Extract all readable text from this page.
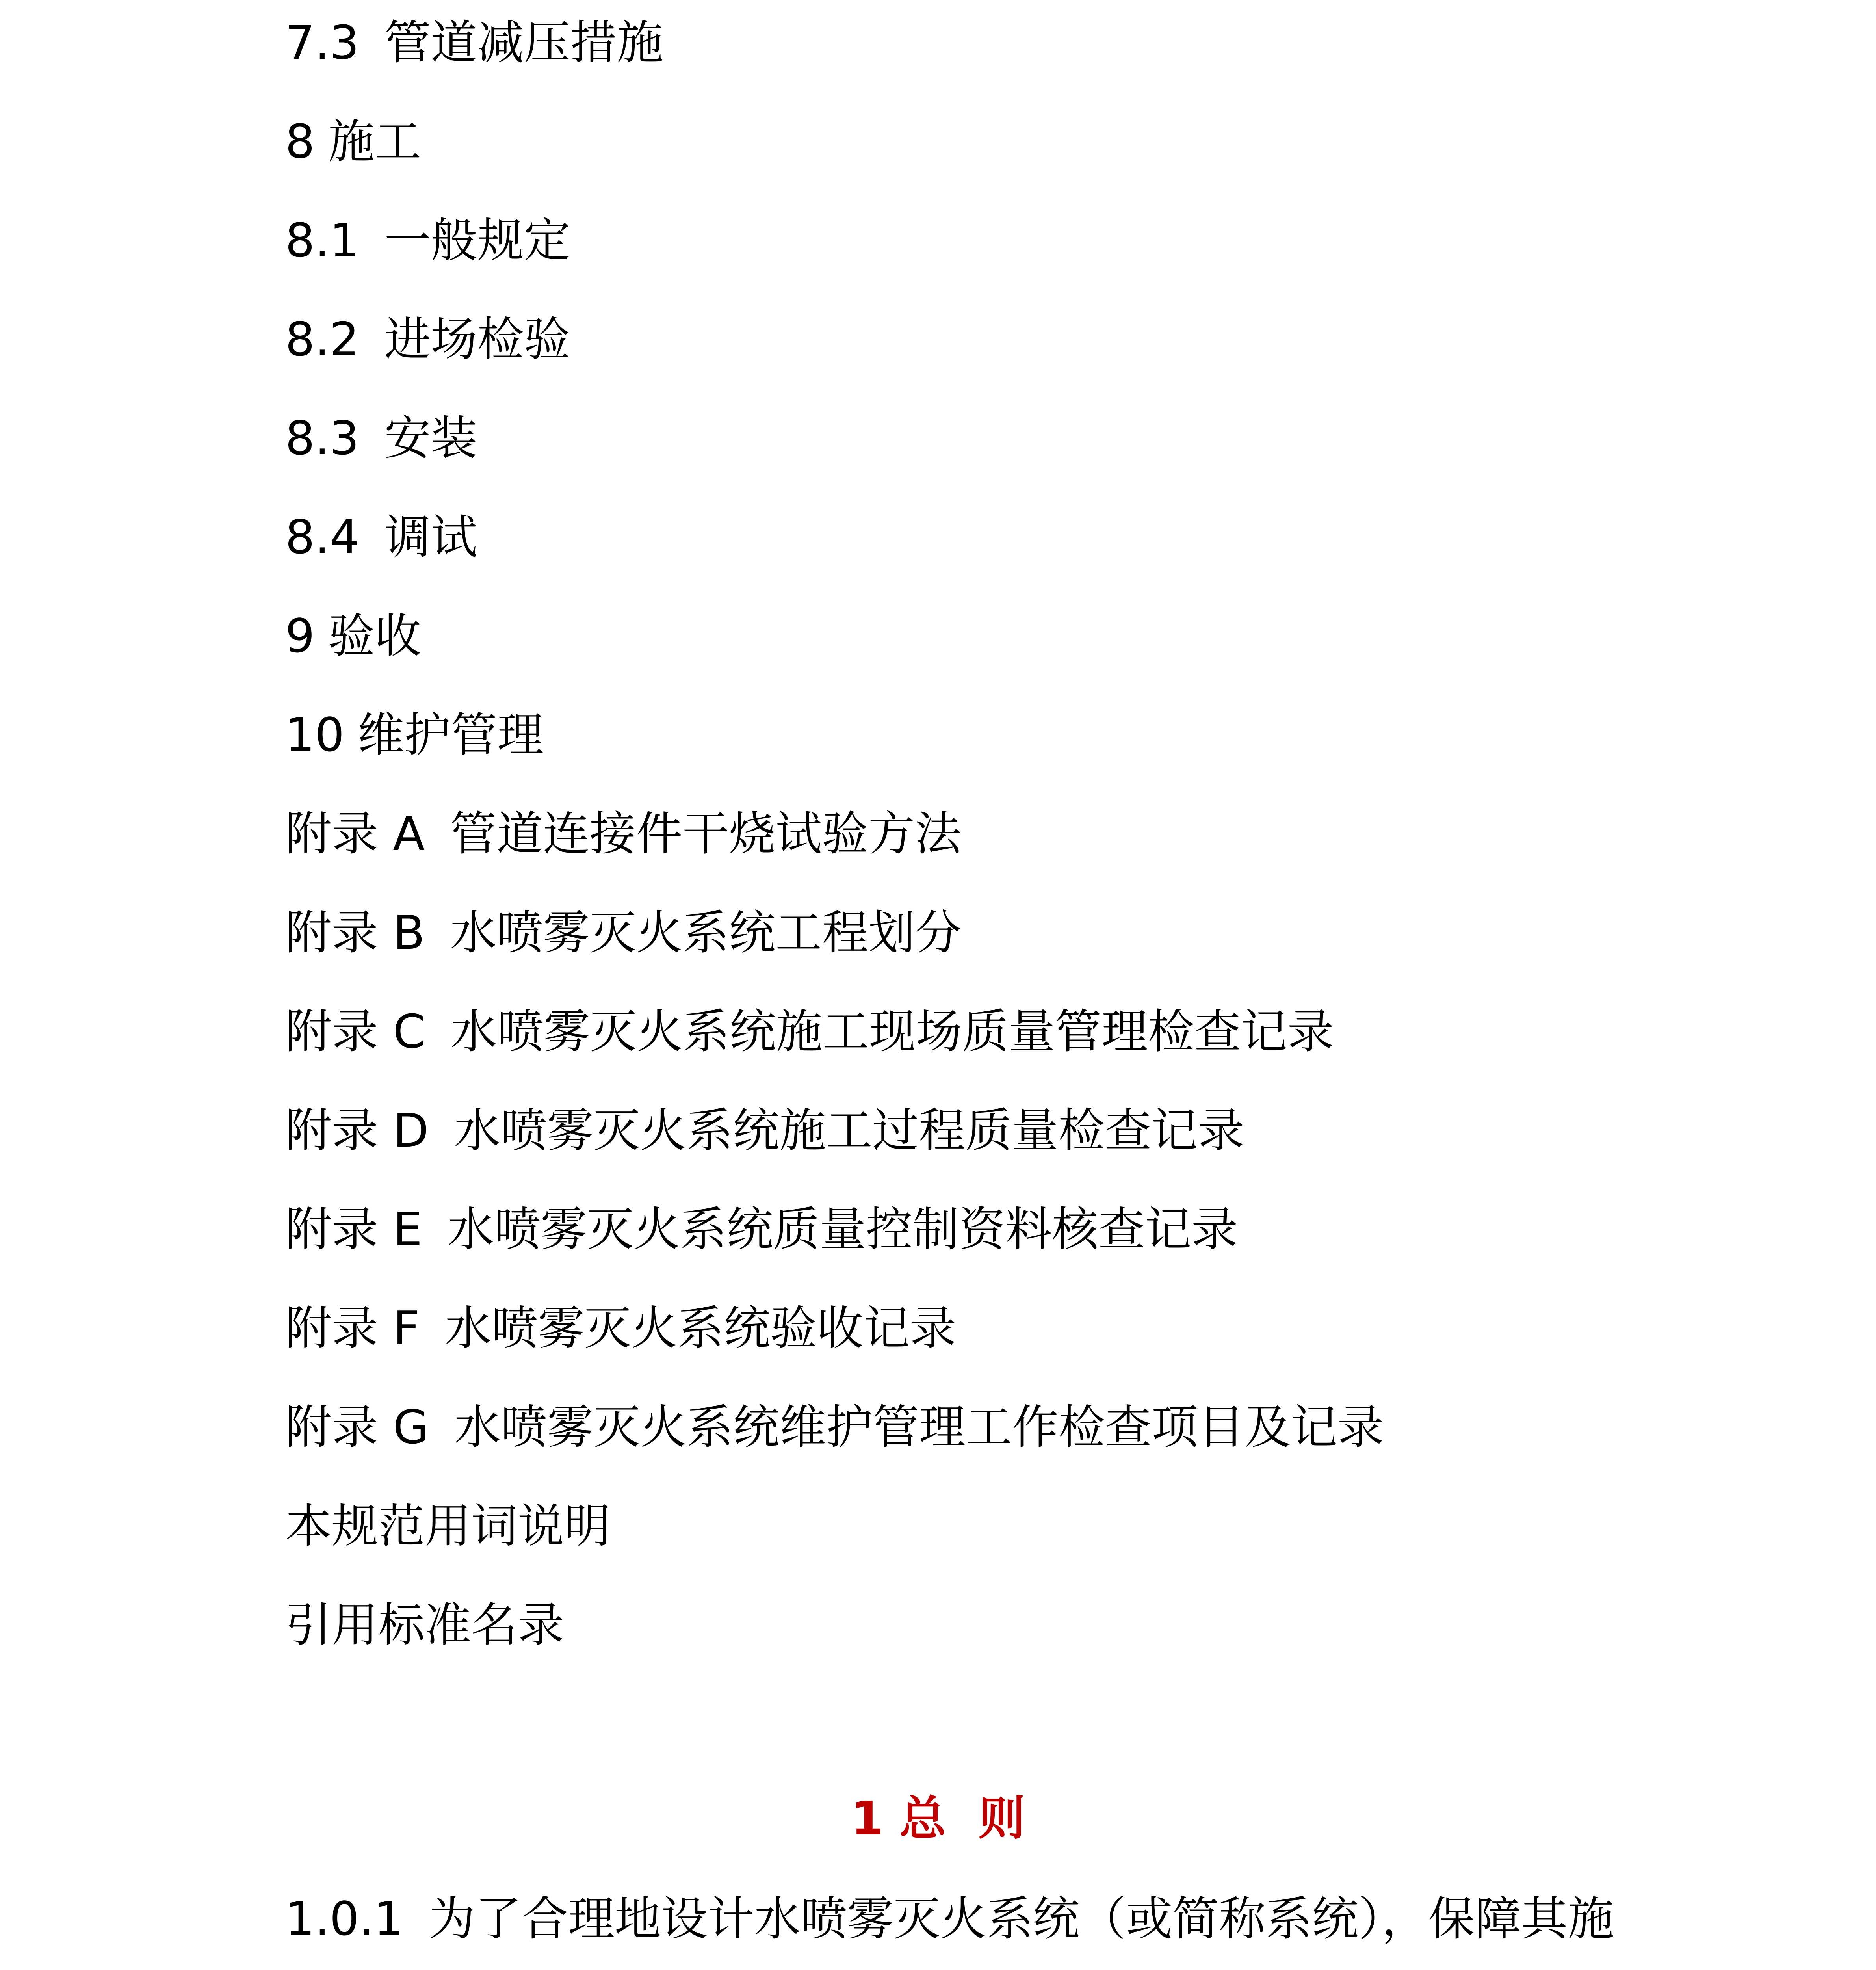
7.3 管道减压措施
8 施工
8.1 一般规定
8.2 进场检验
8.3 安装
8.4 调试
9 验收
10 维护管理
附录 A 管道连接件干烧试验方法
附录 B 水喷雾灭火系统工程划分
附录 C 水喷雾灭火系统施工现场质量管理检查记录
附录 D 水喷雾灭火系统施工过程质量检查记录
附录 E 水喷雾灭火系统质量控制资料核查记录
附录 F 水喷雾灭火系统验收记录
附录 G 水喷雾灭火系统维护管理工作检查项目及记录
本规范用词说明
引用标准名录
1 总  则

1.0.1 为了合理地设计水喷雾灭火系统（或简称系统），保障其施
